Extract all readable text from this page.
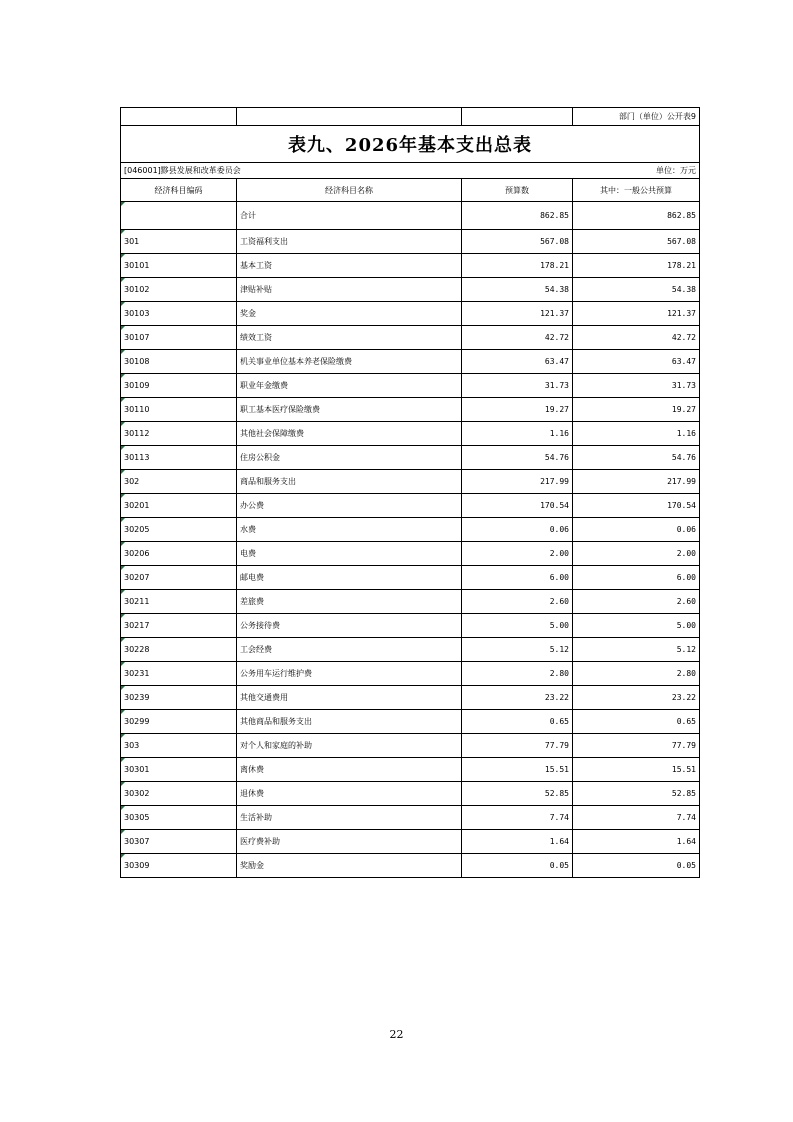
			部门（单位）公开表9

表九、2026年基本支出总表			

[046001]黟县发展和改革委员会			单位：万元
经济科目编码	经济科目名称	预算数	其中：一般公共预算
	合计	862.85	862.85
301	工资福利支出	567.08	567.08
30101	基本工资	178.21	178.21
30102	津贴补贴	54.38	54.38
30103	奖金	121.37	121.37
30107	绩效工资	42.72	42.72
30108	机关事业单位基本养老保险缴费	63.47	63.47
30109	职业年金缴费	31.73	31.73
30110	职工基本医疗保险缴费	19.27	19.27
30112	其他社会保障缴费	1.16	1.16
30113	住房公积金	54.76	54.76
302	商品和服务支出	217.99	217.99
30201	办公费	170.54	170.54
30205	水费	0.06	0.06
30206	电费	2.00	2.00
30207	邮电费	6.00	6.00
30211	差旅费	2.60	2.60
30217	公务接待费	5.00	5.00
30228	工会经费	5.12	5.12
30231	公务用车运行维护费	2.80	2.80
30239	其他交通费用	23.22	23.22
30299	其他商品和服务支出	0.65	0.65
303	对个人和家庭的补助	77.79	77.79
30301	离休费	15.51	15.51
30302	退休费	52.85	52.85
30305	生活补助	7.74	7.74
30307	医疗费补助	1.64	1.64
30309	奖励金	0.05	0.05
22
